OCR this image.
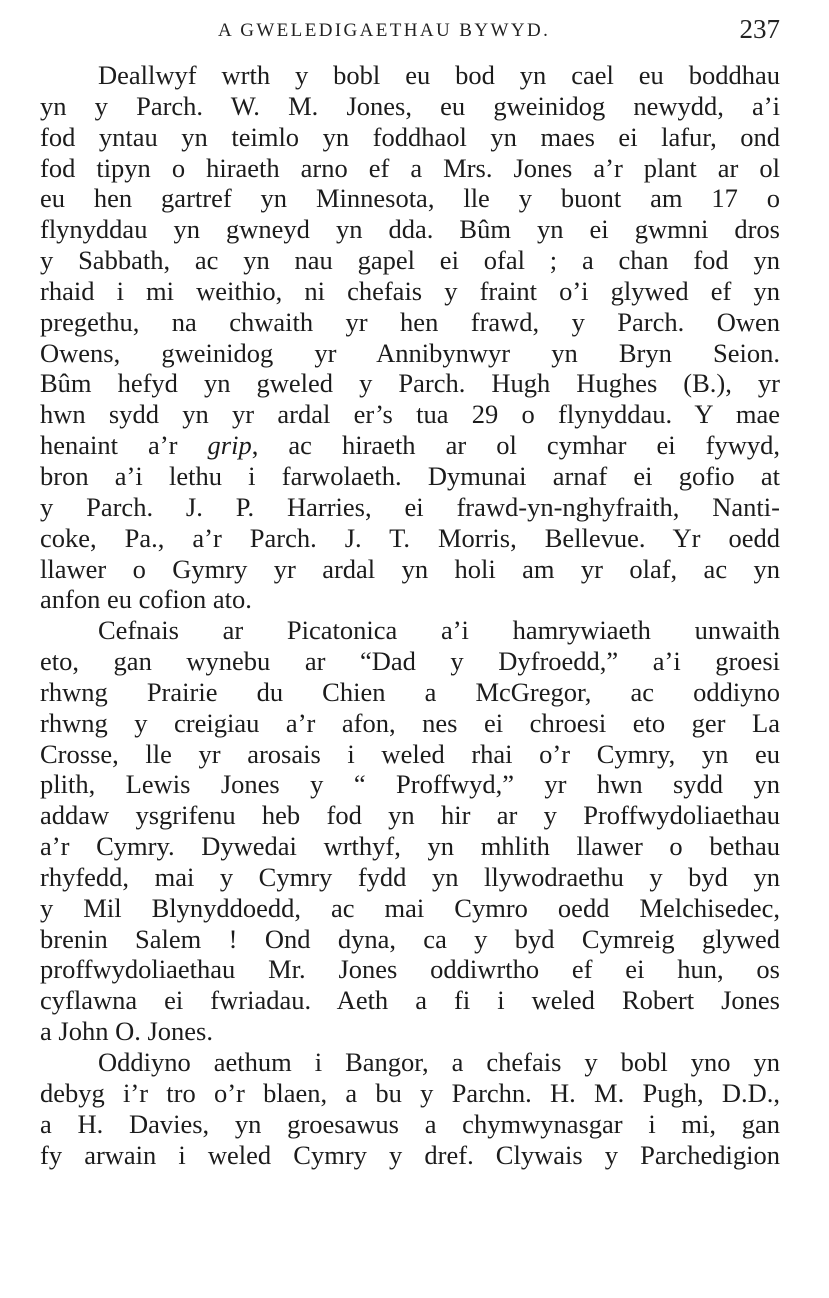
A GWELEDIGAETHAU BYWYD.	237
Deallwyf wrth y bobl eu bod yn cael eu boddhau
yn y Parch. W. M. Jones, eu gweinidog newydd, a’i
fod yntau yn teimlo yn foddhaol yn maes ei lafur, ond
fod tipyn o hiraeth arno ef a Mrs. Jones a’r plant ar ol
eu hen gartref yn Minnesota, lle y buont am 17 o
flynyddau yn gwneyd yn dda. Bûm yn ei gwmni dros
y Sabbath, ac yn nau gapel ei ofal ; a chan fod yn
rhaid i mi weithio, ni chefais y fraint o’i glywed ef yn
pregethu, na chwaith yr hen frawd, y Parch. Owen
Owens, gweinidog yr Annibynwyr yn Bryn Seion.
Bûm hefyd yn gweled y Parch. Hugh Hughes (B.), yr
hwn sydd yn yr ardal er’s tua 29 o flynyddau. Y mae
henaint a’r grip, ac hiraeth ar ol cymhar ei fywyd,
bron a’i lethu i farwolaeth. Dymunai arnaf ei gofio at
y Parch. J. P. Harries, ei frawd-yn-nghyfraith, Nanti-
coke, Pa., a’r Parch. J. T. Morris, Bellevue. Yr oedd
llawer o Gymry yr ardal yn holi am yr olaf, ac yn
anfon eu cofion ato.
Cefnais ar Picatonica a’i hamrywiaeth unwaith
eto, gan wynebu ar “Dad y Dyfroedd,” a’i groesi
rhwng Prairie du Chien a McGregor, ac oddiyno
rhwng y creigiau a’r afon, nes ei chroesi eto ger La
Crosse, lle yr arosais i weled rhai o’r Cymry, yn eu
plith, Lewis Jones y “ Proffwyd,” yr hwn sydd yn
addaw ysgrifenu heb fod yn hir ar y Proffwydoliaethau
a’r Cymry. Dywedai wrthyf, yn mhlith llawer o bethau
rhyfedd, mai y Cymry fydd yn llywodraethu y byd yn
y Mil Blynyddoedd, ac mai Cymro oedd Melchisedec,
brenin Salem ! Ond dyna, ca y byd Cymreig glywed
proffwydoliaethau Mr. Jones oddiwrtho ef ei hun, os
cyflawna ei fwriadau. Aeth a fi i weled Robert Jones
a John O. Jones.
Oddiyno aethum i Bangor, a chefais y bobl yno yn
debyg i’r tro o’r blaen, a bu y Parchn. H. M. Pugh, D.D.,
a H. Davies, yn groesawus a chymwynasgar i mi, gan
fy arwain i weled Cymry y dref. Clywais y Parchedigion
